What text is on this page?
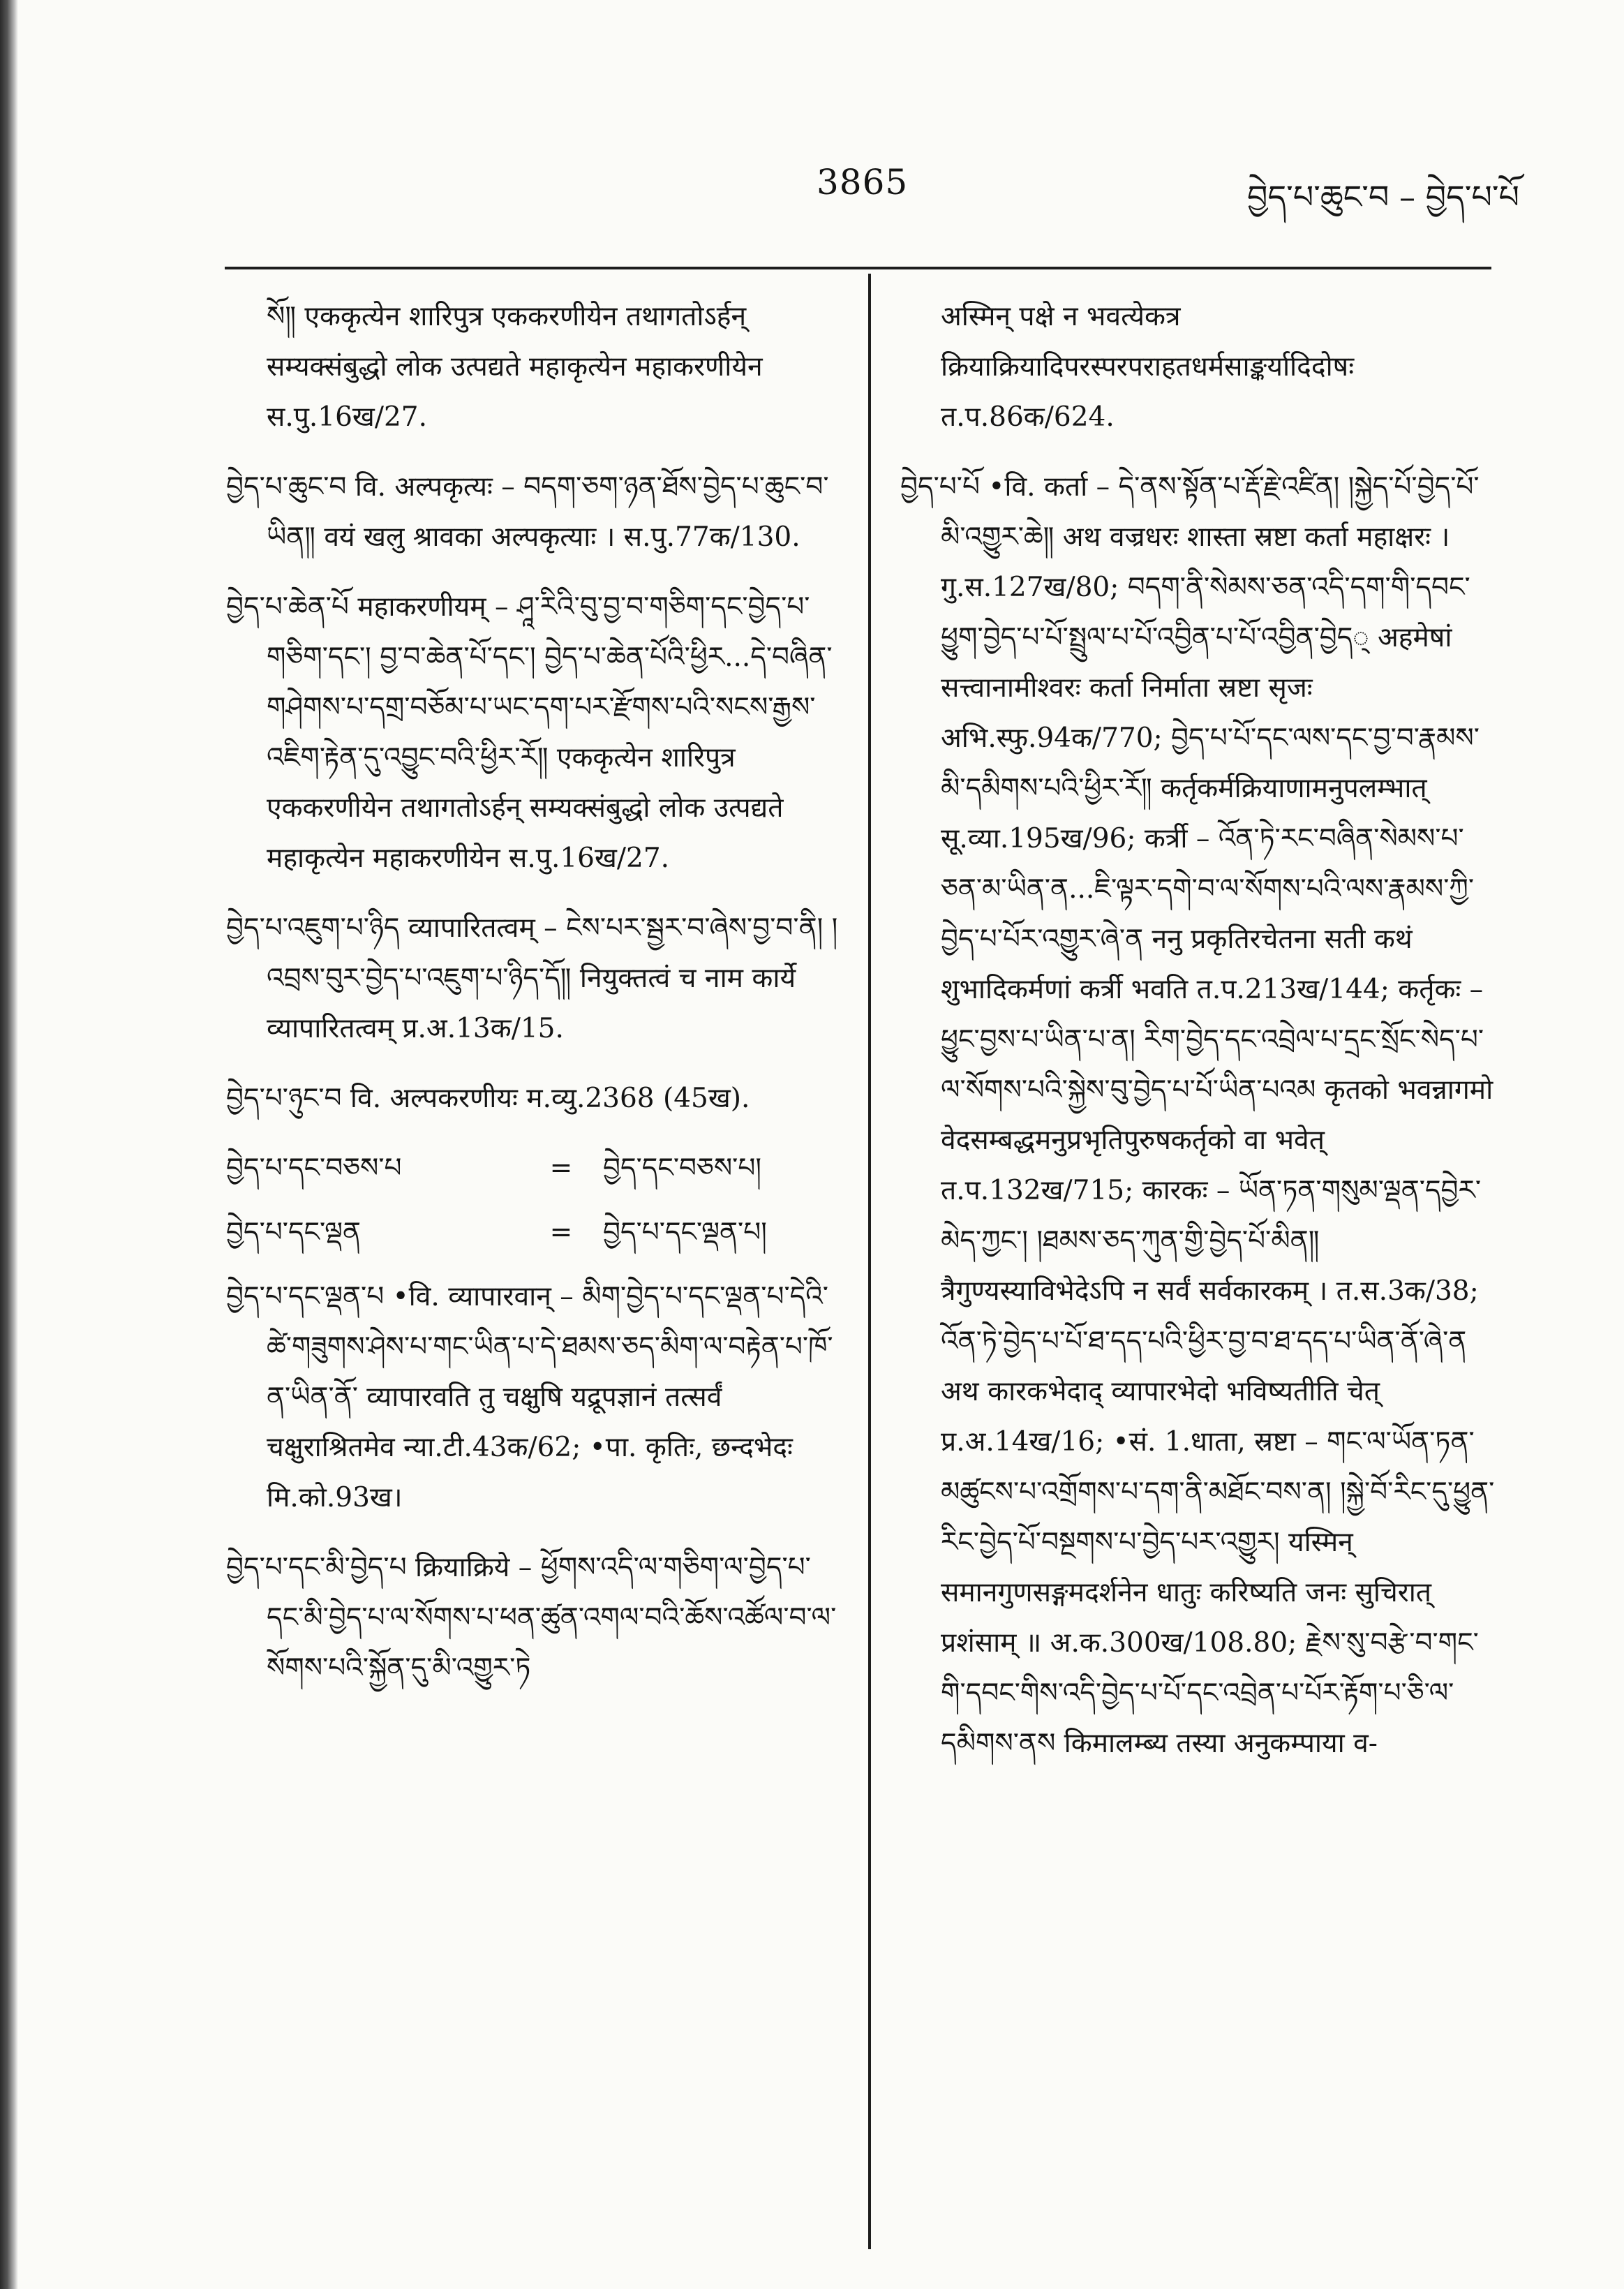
3865	བྱེད་པ་ཆུང་བ – བྱེད་པ་པོ

སོ༎ एककृत्येन शारिपुत्र एककरणीयेन तथागतोऽर्हन् सम्यक्संबुद्धो लोक उत्पद्यते महाकृत्येन महाकरणीयेन स.पु.16ख/27.

བྱེད་པ་ཆུང་བ वि. अल्पकृत्यः – བདག་ཅག་ཉན་ཐོས་བྱེད་པ་ཆུང་བ་ཡིན༎ वयं खलु श्रावका अल्पकृत्याः । स.पु.77क/130.

བྱེད་པ་ཆེན་པོ महाकरणीयम् – ཤཱ་རིའི་བུ་བྱ་བ་གཅིག་དང་བྱེད་པ་གཅིག་དང་། བྱ་བ་ཆེན་པོ་དང་། བྱེད་པ་ཆེན་པོའི་ཕྱིར...དེ་བཞིན་གཤེགས་པ་དགྲ་བཅོམ་པ་ཡང་དག་པར་རྫོགས་པའི་སངས་རྒྱས་འཇིག་རྟེན་དུ་འབྱུང་བའི་ཕྱིར་རོ༎ एककृत्येन शारिपुत्र एककरणीयेन तथागतोऽर्हन् सम्यक्संबुद्धो लोक उत्पद्यते महाकृत्येन महाकरणीयेन स.पु.16ख/27.

བྱེད་པ་འཇུག་པ་ཉིད व्यापारितत्वम् – ངེས་པར་སྦྱར་བ་ཞེས་བྱ་བ་ནི། །འབྲས་བུར་བྱེད་པ་འཇུག་པ་ཉིད་དོ༎ नियुक्तत्वं च नाम कार्ये व्यापारितत्वम् प्र.अ.13क/15.

བྱེད་པ་ཉུང་བ वि. अल्पकरणीयः म.व्यु.2368 (45ख).

བྱེད་པ་དང་བཅས་པ	=	བྱེད་དང་བཅས་པ།
བྱེད་པ་དང་ལྡན	=	བྱེད་པ་དང་ལྡན་པ།

བྱེད་པ་དང་ལྡན་པ •वि. व्यापारवान् – མིག་བྱེད་པ་དང་ལྡན་པ་དེའི་ཚེ་གཟུགས་ཤེས་པ་གང་ཡིན་པ་དེ་ཐམས་ཅད་མིག་ལ་བརྟེན་པ་ཁོ་ན་ཡིན་ནོ་ व्यापारवति तु चक्षुषि यद्रूपज्ञानं तत्सर्वं चक्षुराश्रितमेव न्या.टी.43क/62; •पा. कृतिः, छन्दभेदः मि.को.93ख।

བྱེད་པ་དང་མི་བྱེད་པ क्रियाक्रिये – ཕྱོགས་འདི་ལ་གཅིག་ལ་བྱེད་པ་དང་མི་བྱེད་པ་ལ་སོགས་པ་ཕན་ཚུན་འགལ་བའི་ཆོས་འཚོལ་བ་ལ་སོགས་པའི་སྐྱོན་དུ་མི་འགྱུར་ཏེ

अस्मिन् पक्षे न भवत्येकत्र क्रियाक्रियादिपरस्परपराहतधर्मसाङ्कर्यादिदोषः त.प.86क/624.

བྱེད་པ་པོ •वि. कर्ता – དེ་ནས་སྟོན་པ་རྡོ་རྗེ་འཛིན། །སྐྱེད་པོ་བྱེད་པོ་མི་འགྱུར་ཆེ༎ अथ वज्रधरः शास्ता स्रष्टा कर्ता महाक्षरः । गु.स.127ख/80; བདག་ནི་སེམས་ཅན་འདི་དག་གི་དབང་ཕྱུག་བྱེད་པ་པོ་སྤྲུལ་པ་པོ་འབྱིན་པ་པོ་འབྱིན་བྱེད् अहमेषां सत्त्वानामीश्वरः कर्ता निर्माता स्रष्टा सृजः अभि.स्फु.94क/770; བྱེད་པ་པོ་དང་ལས་དང་བྱ་བ་རྣམས་མི་དམིགས་པའི་ཕྱིར་རོ༎ कर्तृकर्मक्रियाणामनुपलम्भात् सू.व्या.195ख/96; कर्त्री – འོན་ཏེ་རང་བཞིན་སེམས་པ་ཅན་མ་ཡིན་ན...ཇི་ལྟར་དགེ་བ་ལ་སོགས་པའི་ལས་རྣམས་ཀྱི་བྱེད་པ་པོར་འགྱུར་ཞེ་ན ननु प्रकृतिरचेतना सती कथं शुभादिकर्मणां कर्त्री भवति त.प.213ख/144; कर्तृकः – ཕྱུང་བྱས་པ་ཡིན་པ་ན། རིག་བྱེད་དང་འབྲེལ་པ་དྲང་སྲོང་སེད་པ་ལ་སོགས་པའི་སྐྱེས་བུ་བྱེད་པ་པོ་ཡིན་པའམ कृतको भवन्नागमो वेदसम्बद्धमनुप्रभृतिपुरुषकर्तृको वा भवेत् त.प.132ख/715; कारकः – ཡོན་ཏན་གསུམ་ལྡན་དབྱེར་མེད་ཀྱང་། །ཐམས་ཅད་ཀུན་གྱི་བྱེད་པོ་མིན༎ त्रैगुण्यस्याविभेदेऽपि न सर्वं सर्वकारकम् । त.स.3क/38; འོན་ཏེ་བྱེད་པ་པོ་ཐ་དད་པའི་ཕྱིར་བྱ་བ་ཐ་དད་པ་ཡིན་ནོ་ཞེ་ན अथ कारकभेदाद् व्यापारभेदो भविष्यतीति चेत् प्र.अ.14ख/16; •सं. 1.धाता, स्रष्टा – གང་ལ་ཡོན་ཏན་མཚུངས་པ་འགྲོགས་པ་དག་ནི་མཐོང་བས་ན། །སྐྱེ་བོ་རིང་དུ་ཕྱུན་རིང་བྱེད་པོ་བསྔགས་པ་བྱེད་པར་འགྱུར། यस्मिन् समानगुणसङ्गमदर्शनेन धातुः करिष्यति जनः सुचिरात् प्रशंसाम् ॥ अ.क.300ख/108.80; རྗེས་སུ་བརྩེ་བ་གང་གི་དབང་གིས་འདི་བྱེད་པ་པོ་དང་འབྲེན་པ་པོར་རྟོག་པ་ཅི་ལ་དམིགས་ནས किमालम्ब्य तस्या अनुकम्पाया व-
